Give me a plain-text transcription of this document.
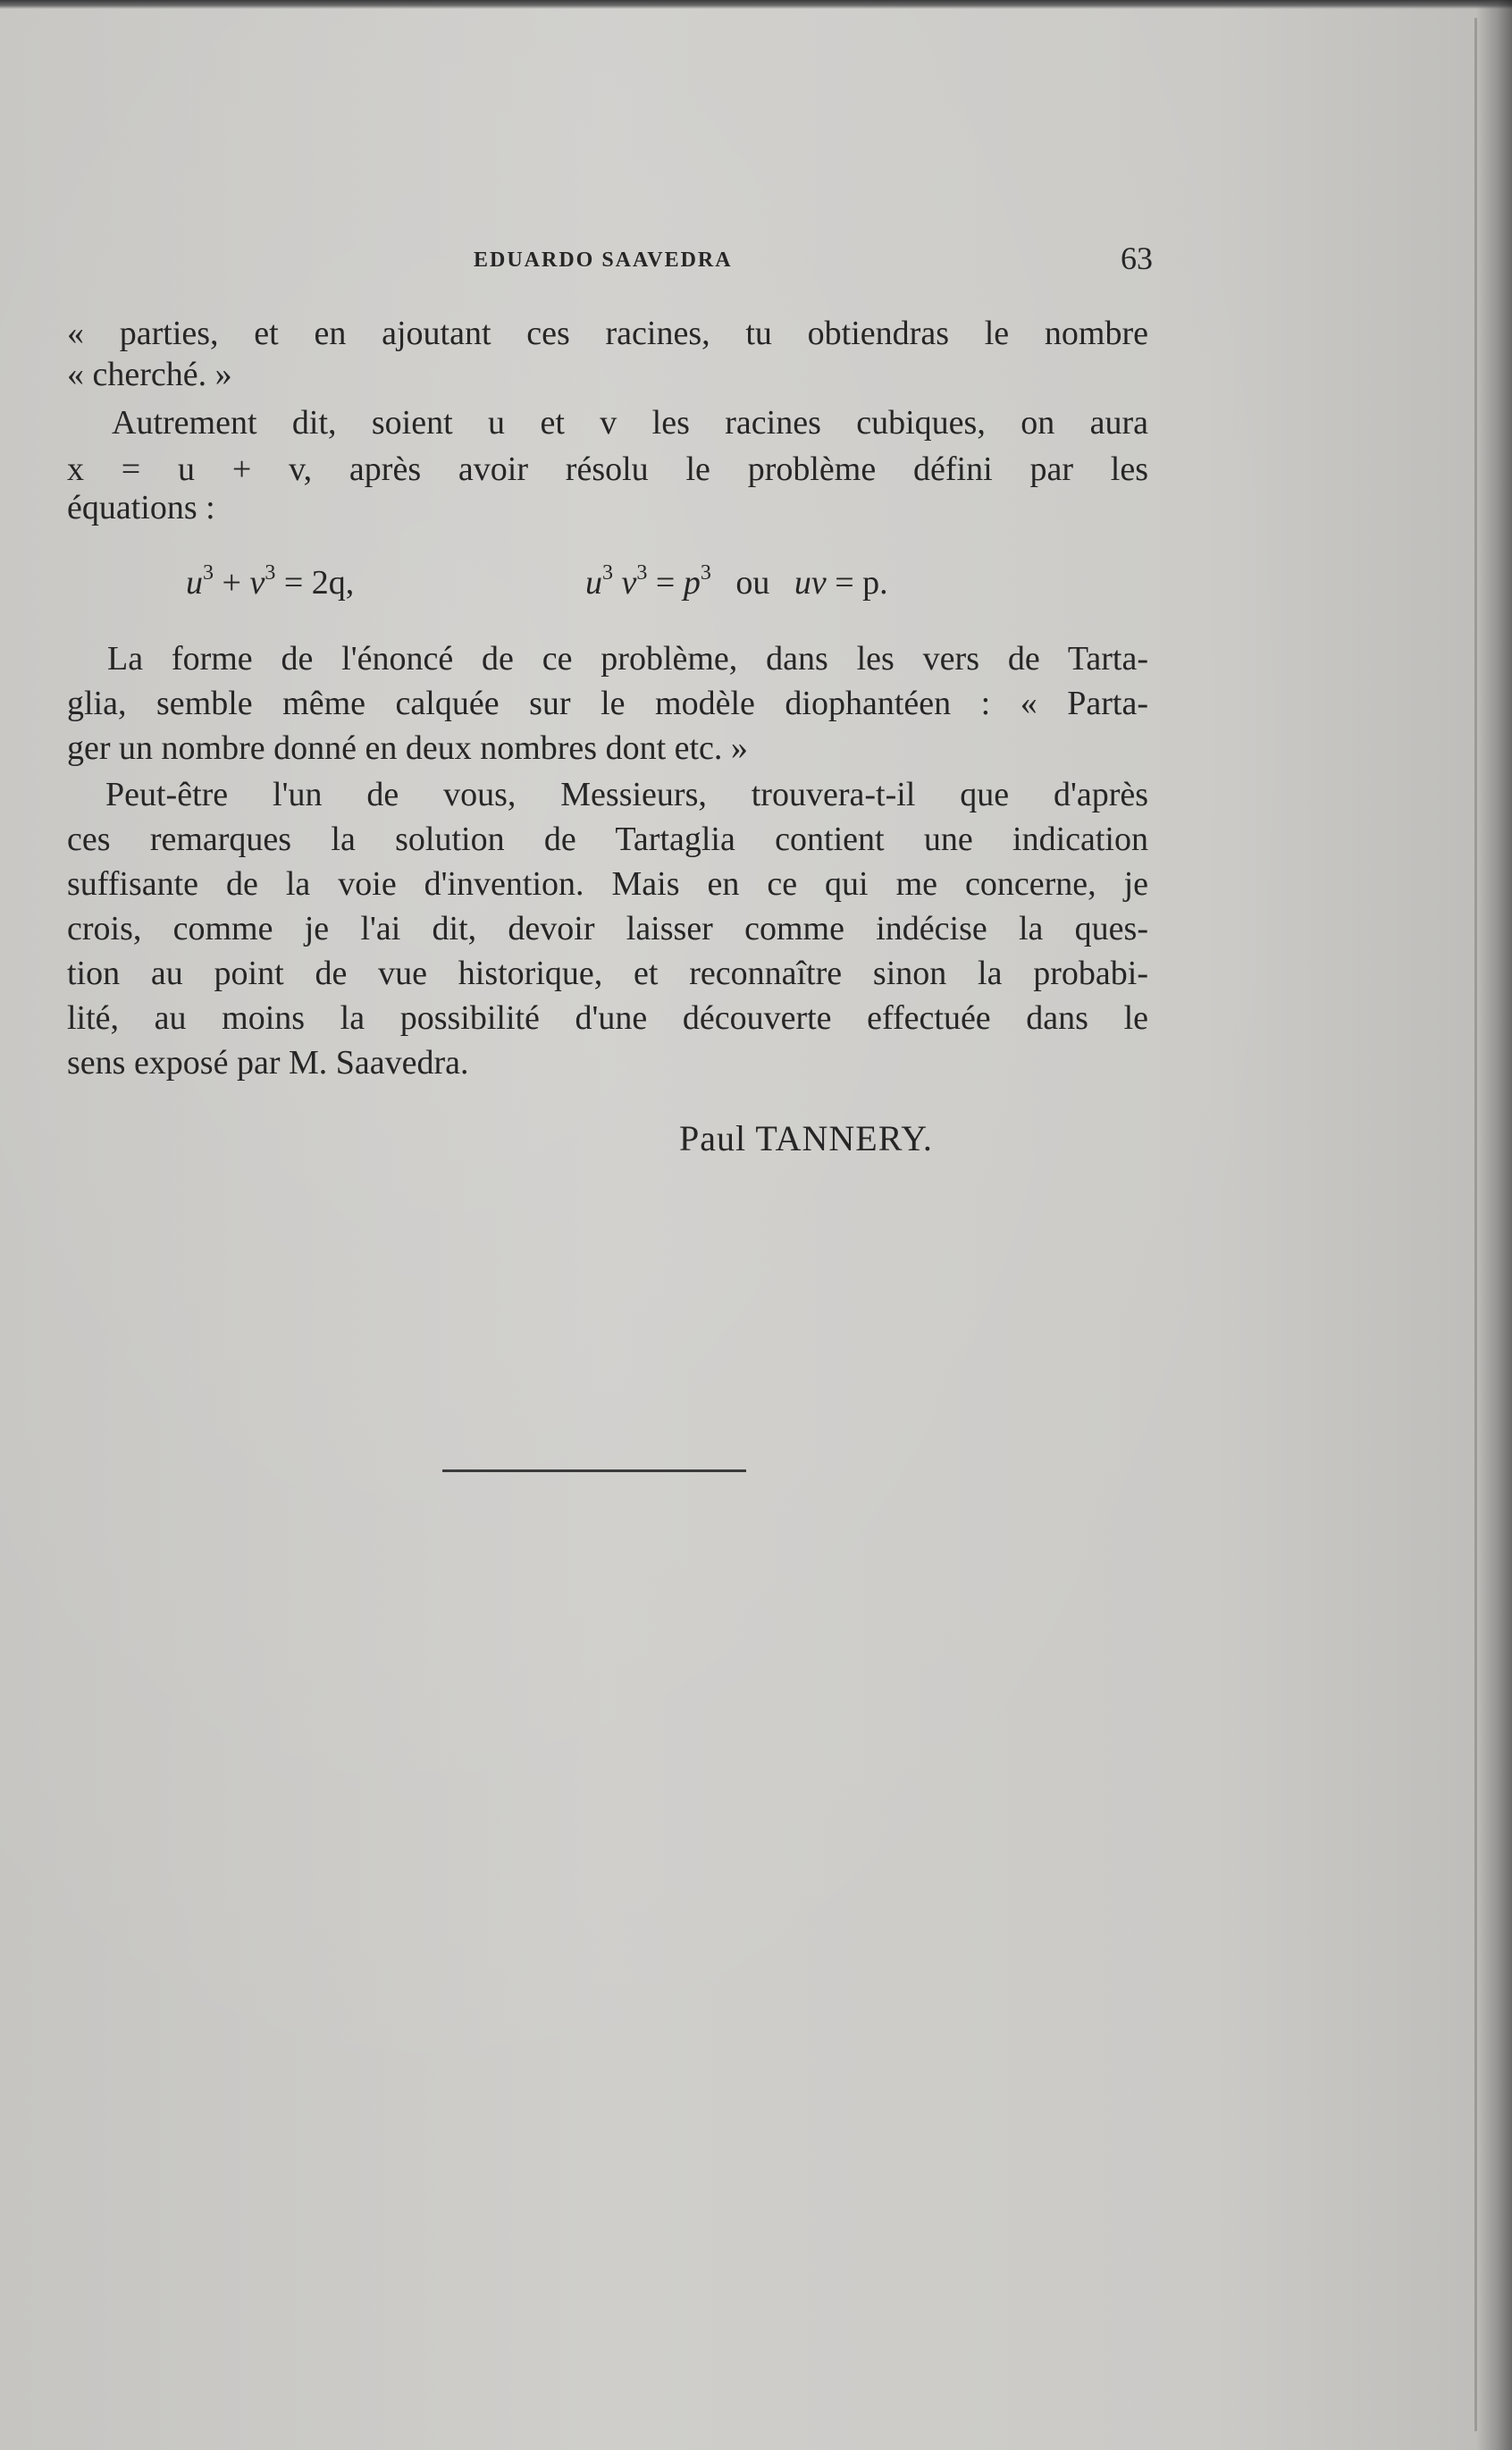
EDUARDO SAAVEDRA	63

« parties, et en ajoutant ces racines, tu obtiendras le nombre

« cherché. »

Autrement dit, soient u et v les racines cubiques, on aura

x = u + v, après avoir résolu le problème défini par les

équations :

$u^3 + v^3 = 2q$,	$u^3$ $v^3 = p^3$ ou uv = p.

La forme de l'énoncé de ce problème, dans les vers de Tarta-

glia, semble même calquée sur le modèle diophantéen : « Parta-

ger un nombre donné en deux nombres dont etc. »

Peut-être l'un de vous, Messieurs, trouvera-t-il que d'après

ces remarques la solution de Tartaglia contient une indication

suffisante de la voie d'invention. Mais en ce qui me concerne, je

crois, comme je l'ai dit, devoir laisser comme indécise la ques-

tion au point de vue historique, et reconnaître sinon la probabi-

lité, au moins la possibilité d'une découverte effectuée dans le

sens exposé par M. Saavedra.

Paul TANNERY.
